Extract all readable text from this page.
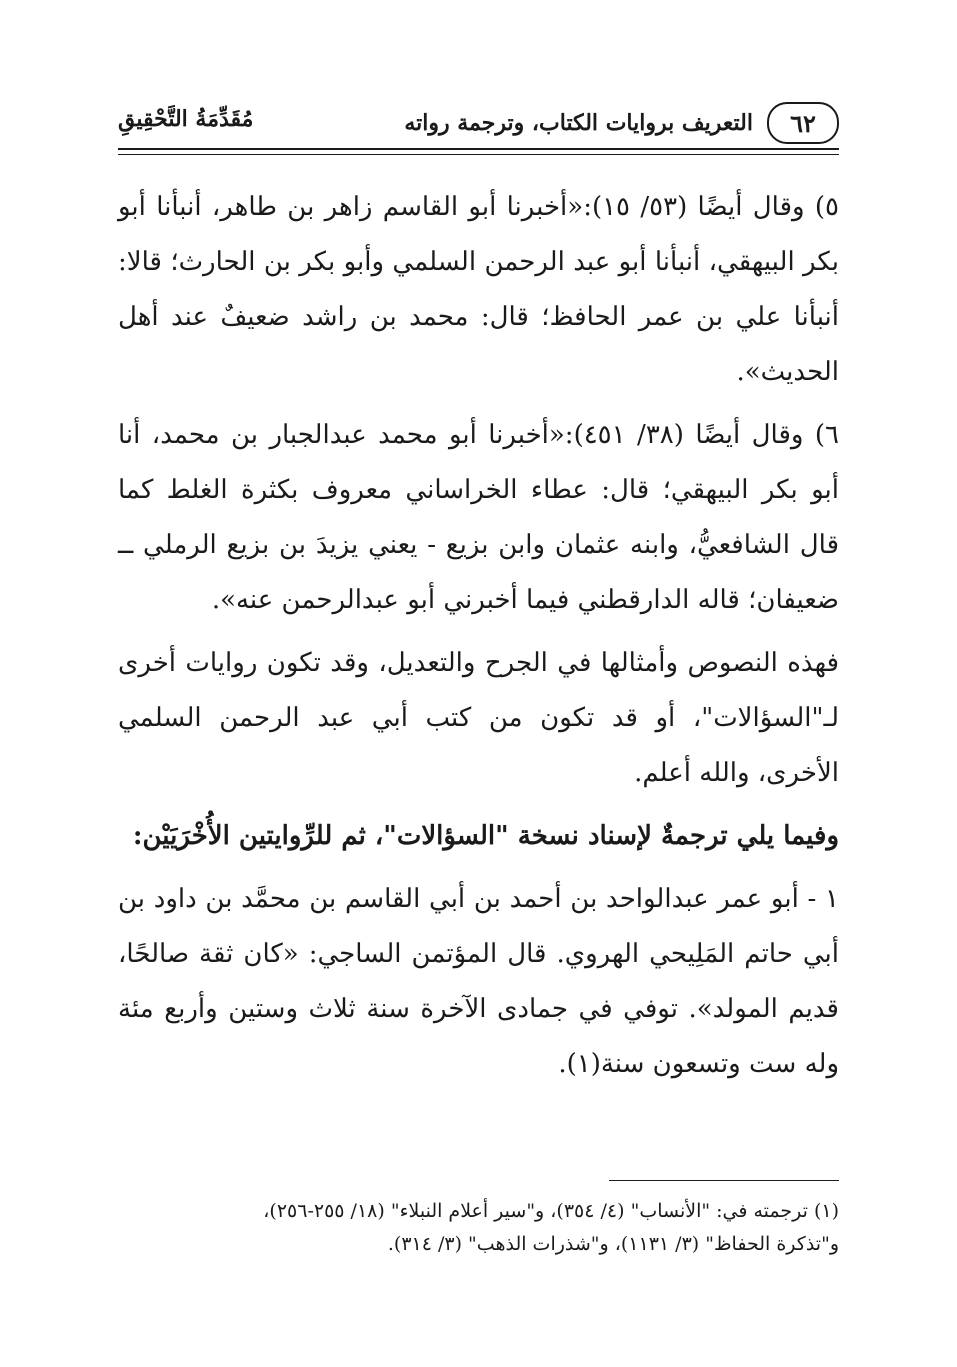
٦٢
التعريف بروايات الكتاب، وترجمة رواته
مُقَدِّمَةُ التَّحْقِيقِ

٥) وقال أيضًا (٥٣/ ١٥):«أخبرنا أبو القاسم زاهر بن طاهر، أنبأنا أبو بكر البيهقي، أنبأنا أبو عبد الرحمن السلمي وأبو بكر بن الحارث؛ قالا: أنبأنا علي بن عمر الحافظ؛ قال: محمد بن راشد ضعيفٌ عند أهل الحديث».

٦) وقال أيضًا (٣٨/ ٤٥١):«أخبرنا أبو محمد عبدالجبار بن محمد، أنا أبو بكر البيهقي؛ قال: عطاء الخراساني معروف بكثرة الغلط كما قال الشافعيُّ، وابنه عثمان وابن بزيع - يعني يزيدَ بن بزيع الرملي ــ ضعيفان؛ قاله الدارقطني فيما أخبرني أبو عبدالرحمن عنه».

فهذه النصوص وأمثالها في الجرح والتعديل، وقد تكون روايات أخرى لـ"السؤالات"، أو قد تكون من كتب أبي عبد الرحمن السلمي الأخرى، والله أعلم.

وفيما يلي ترجمةٌ لإسناد نسخة "السؤالات"، ثم للرِّوايتين الأُخْرَيَيْن:

١ - أبو عمر عبدالواحد بن أحمد بن أبي القاسم بن محمَّد بن داود بن أبي حاتم المَلِيحي الهروي. قال المؤتمن الساجي: «كان ثقة صالحًا، قديم المولد». توفي في جمادى الآخرة سنة ثلاث وستين وأربع مئة وله ست وتسعون سنة(١).

(١) ترجمته في: "الأنساب" (٤/ ٣٥٤)، و"سير أعلام النبلاء" (١٨/ ٢٥٥-٢٥٦)،

و"تذكرة الحفاظ" (٣/ ١١٣١)، و"شذرات الذهب" (٣/ ٣١٤).
